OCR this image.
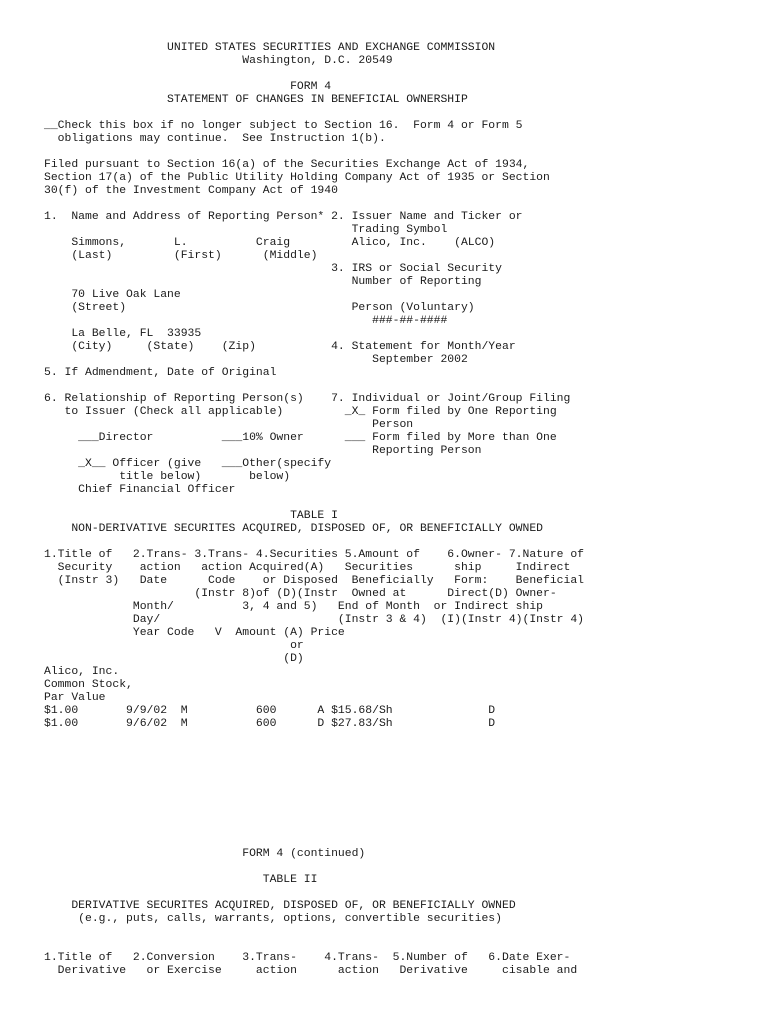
UNITED STATES SECURITIES AND EXCHANGE COMMISSION
Washington, D.C. 20549
FORM 4
STATEMENT OF CHANGES IN BENEFICIAL OWNERSHIP
__Check this box if no longer subject to Section 16.  Form 4 or Form 5
obligations may continue.  See Instruction 1(b).
Filed pursuant to Section 16(a) of the Securities Exchange Act of 1934,
Section 17(a) of the Public Utility Holding Company Act of 1935 or Section
30(f) of the Investment Company Act of 1940
1.  Name and Address of Reporting Person* 2. Issuer Name and Ticker or
Trading Symbol
Simmons,       L.          Craig         Alico, Inc.    (ALCO)
(Last)         (First)      (Middle)
3. IRS or Social Security
Number of Reporting
70 Live Oak Lane
(Street)                                 Person (Voluntary)
###-##-####
La Belle, FL  33935
(City)     (State)    (Zip)           4. Statement for Month/Year
September 2002
5. If Admendment, Date of Original
6. Relationship of Reporting Person(s)    7. Individual or Joint/Group Filing
to Issuer (Check all applicable)         _X_ Form filed by One Reporting
Person
___Director          ___10% Owner      ___ Form filed by More than One
Reporting Person
_X__ Officer (give   ___Other(specify
title below)       below)
Chief Financial Officer
TABLE I
NON-DERIVATIVE SECURITES ACQUIRED, DISPOSED OF, OR BENEFICIALLY OWNED
1.Title of   2.Trans- 3.Trans- 4.Securities 5.Amount of    6.Owner- 7.Nature of
Security    action   action Acquired(A)   Securities      ship     Indirect
(Instr 3)   Date      Code    or Disposed  Beneficially   Form:    Beneficial
(Instr 8)of (D)(Instr  Owned at      Direct(D) Owner-
Month/          3, 4 and 5)   End of Month  or Indirect ship
Day/                          (Instr 3 & 4)  (I)(Instr 4)(Instr 4)
Year Code   V  Amount (A) Price
or
(D)
Alico, Inc.
Common Stock,
Par Value
$1.00       9/9/02  M          600      A $15.68/Sh              D
$1.00       9/6/02  M          600      D $27.83/Sh              D
FORM 4 (continued)
TABLE II
DERIVATIVE SECURITES ACQUIRED, DISPOSED OF, OR BENEFICIALLY OWNED
(e.g., puts, calls, warrants, options, convertible securities)
1.Title of   2.Conversion    3.Trans-    4.Trans-  5.Number of   6.Date Exer-
Derivative   or Exercise     action      action   Derivative     cisable and
